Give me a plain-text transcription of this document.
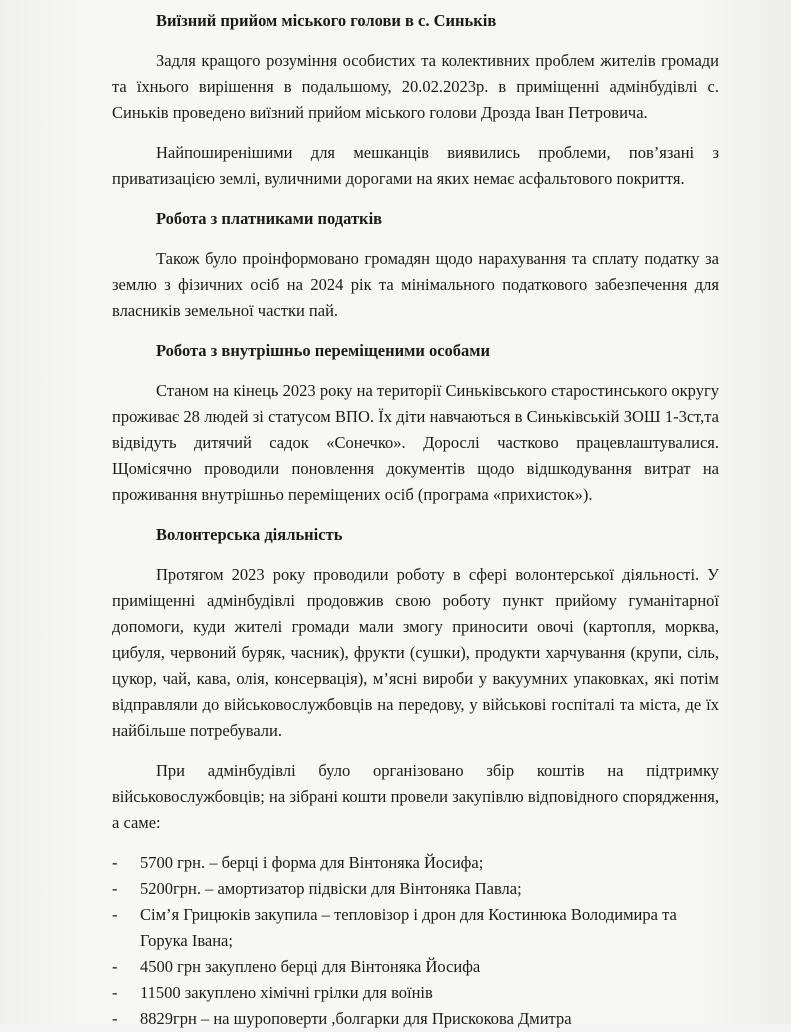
Виїзний прийом міського голови в с. Синьків

Задля кращого розуміння особистих та колективних проблем жителів громади та їхнього вирішення в подальшому, 20.02.2023р. в приміщенні адмінбудівлі с. Синьків проведено виїзний прийом міського голови Дрозда Іван Петровича.

Найпоширенішими для мешканців виявились проблеми, пов’язані з приватизацією землі, вуличними дорогами на яких немає асфальтового покриття.

Робота з платниками податків

Також було проінформовано громадян щодо нарахування та сплату податку за землю з фізичних осіб на 2024 рік та мінімального податкового забезпечення для власників земельної частки пай.

Робота з внутрішньо переміщеними особами

Станом на кінець 2023 року на території Синьківського старостинського округу проживає 28 людей зі статусом ВПО. Їх діти навчаються в Синьківській ЗОШ 1-3ст,та відвідуть дитячий садок «Сонечко». Дорослі частково працевлаштувалися. Щомісячно проводили поновлення документів щодо відшкодування витрат на проживання внутрішньо переміщених осіб (програма «прихисток»).

Волонтерська діяльність

Протягом 2023 року проводили роботу в сфері волонтерської діяльності. У приміщенні адмінбудівлі продовжив свою роботу пункт прийому гуманітарної допомоги, куди жителі громади мали змогу приносити овочі (картопля, морква, цибуля, червоний буряк, часник), фрукти (сушки), продукти харчування (крупи, сіль, цукор, чай, кава, олія, консервація), м’ясні вироби у вакуумних упаковках, які потім відправляли до військовослужбовців на передову, у військові госпіталі та міста, де їх найбільше потребували.

При адмінбудівлі було організовано збір коштів на підтримку військовослужбовців; на зібрані кошти провели закупівлю відповідного спорядження, а саме:

- 5700 грн. – берці і форма для Вінтоняка Йосифа;
- 5200грн. – амортизатор підвіски для Вінтоняка Павла;
- Сім’я Грицюків закупила – тепловізор і дрон для Костинюка Володимира та Горука Івана;
- 4500 грн закуплено берці для Вінтоняка Йосифа
- 11500 закуплено хімічні грілки для воїнів
- 8829грн – на шуроповерти ,болгарки для Прискокова Дмитра
